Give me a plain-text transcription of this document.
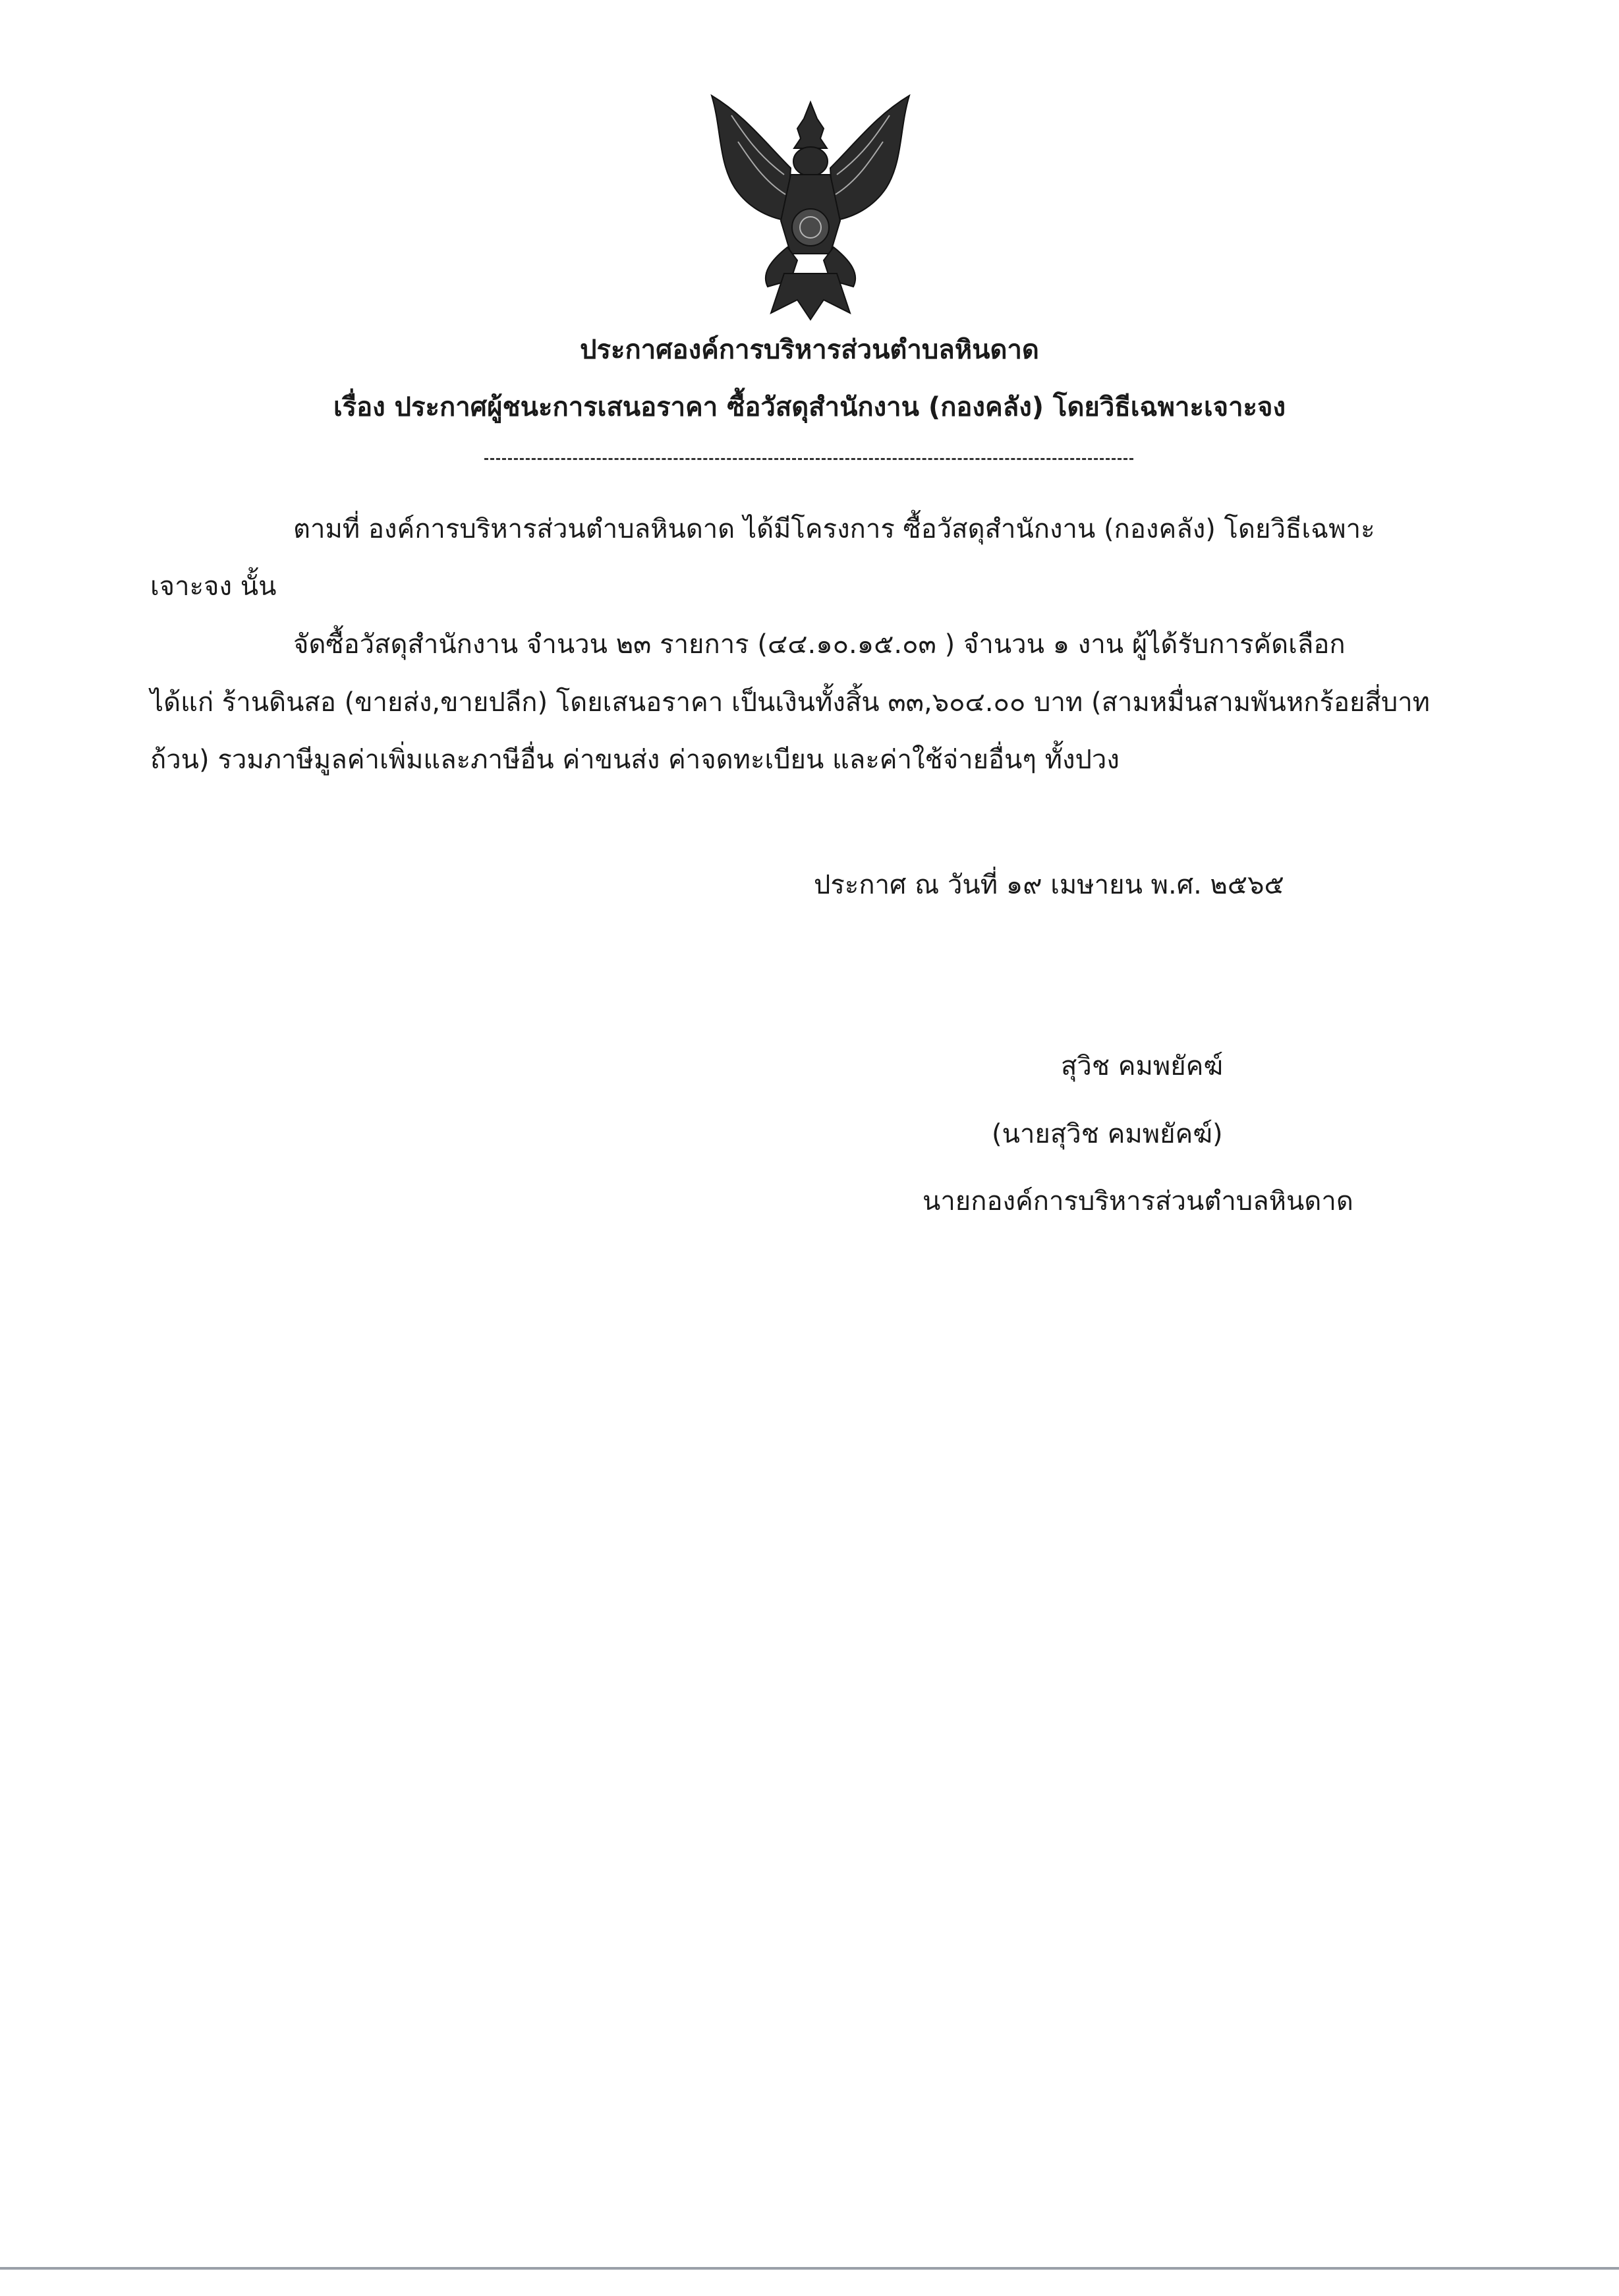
ประกาศองค์การบริหารส่วนตำบลหินดาด
เรื่อง ประกาศผู้ชนะการเสนอราคา ซื้อวัสดุสำนักงาน (กองคลัง) โดยวิธีเฉพาะเจาะจง
ตามที่ องค์การบริหารส่วนตำบลหินดาด ได้มีโครงการ ซื้อวัสดุสำนักงาน (กองคลัง) โดยวิธีเฉพาะ
เจาะจง นั้น
จัดซื้อวัสดุสำนักงาน จำนวน ๒๓ รายการ (๔๔.๑๐.๑๕.๐๓ ) จำนวน ๑ งาน ผู้ได้รับการคัดเลือก
ได้แก่ ร้านดินสอ (ขายส่ง,ขายปลีก) โดยเสนอราคา เป็นเงินทั้งสิ้น ๓๓,๖๐๔.๐๐ บาท (สามหมื่นสามพันหกร้อยสี่บาท
ถ้วน) รวมภาษีมูลค่าเพิ่มและภาษีอื่น ค่าขนส่ง ค่าจดทะเบียน และค่าใช้จ่ายอื่นๆ ทั้งปวง
ประกาศ ณ วันที่ ๑๙ เมษายน พ.ศ. ๒๕๖๕
สุวิช คมพยัคฆ์
(นายสุวิช คมพยัคฆ์)
นายกองค์การบริหารส่วนตำบลหินดาด
